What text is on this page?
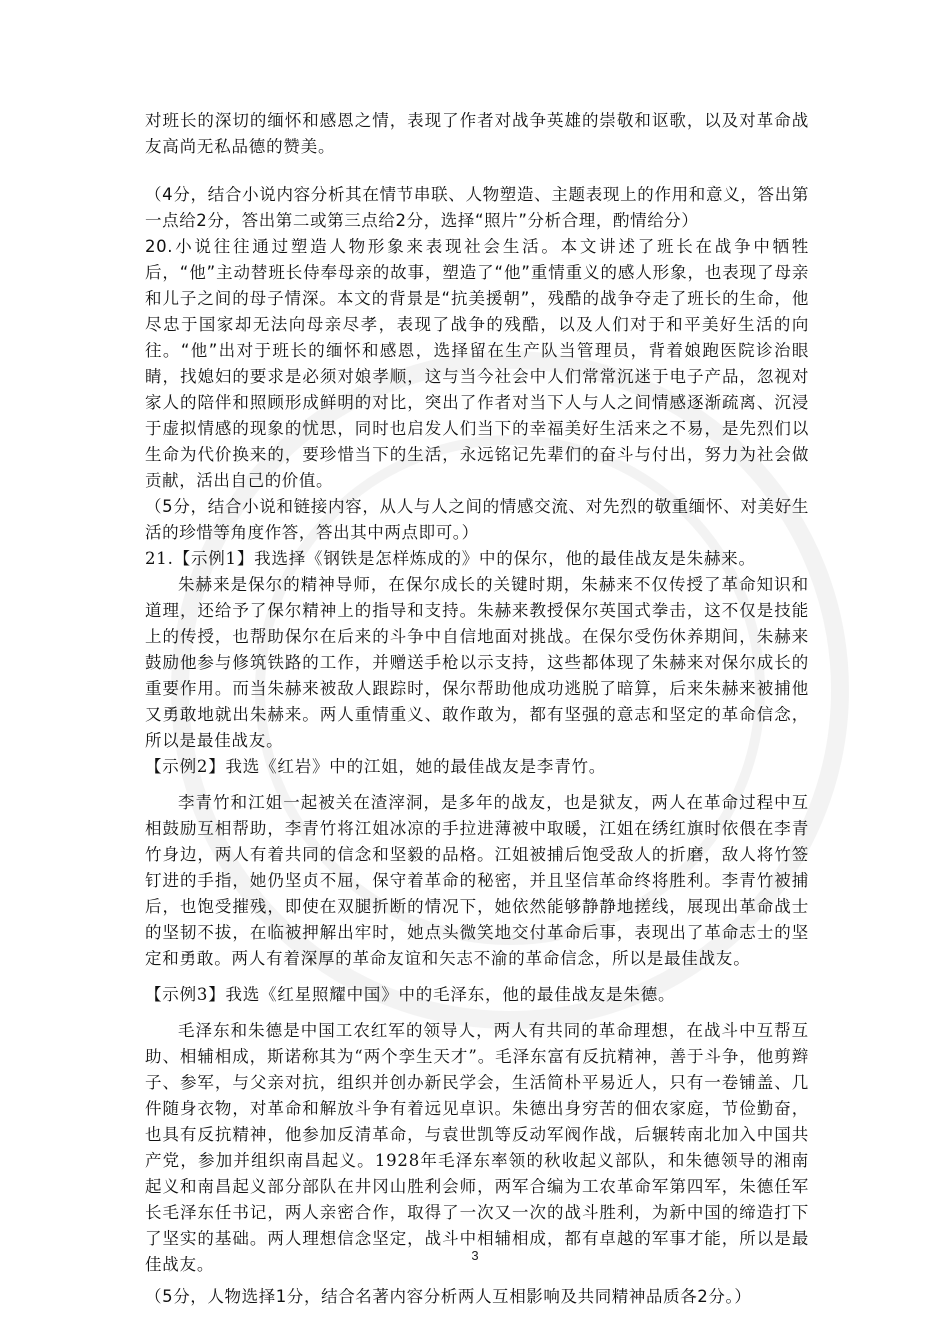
对班长的深切的缅怀和感恩之情，表现了作者对战争英雄的崇敬和讴歌，以及对革命战友高尚无私品德的赞美。

（4分，结合小说内容分析其在情节串联、人物塑造、主题表现上的作用和意义，答出第一点给2分，答出第二或第三点给2分，选择“照片”分析合理，酌情给分）

20.小说往往通过塑造人物形象来表现社会生活。本文讲述了班长在战争中牺牲后，“他”主动替班长侍奉母亲的故事，塑造了“他”重情重义的感人形象，也表现了母亲和儿子之间的母子情深。本文的背景是“抗美援朝”，残酷的战争夺走了班长的生命，他尽忠于国家却无法向母亲尽孝，表现了战争的残酷，以及人们对于和平美好生活的向往。“他”出对于班长的缅怀和感恩，选择留在生产队当管理员，背着娘跑医院诊治眼睛，找媳妇的要求是必须对娘孝顺，这与当今社会中人们常常沉迷于电子产品，忽视对家人的陪伴和照顾形成鲜明的对比，突出了作者对当下人与人之间情感逐渐疏离、沉浸于虚拟情感的现象的忧思，同时也启发人们当下的幸福美好生活来之不易，是先烈们以生命为代价换来的，要珍惜当下的生活，永远铭记先辈们的奋斗与付出，努力为社会做贡献，活出自己的价值。

（5分，结合小说和链接内容，从人与人之间的情感交流、对先烈的敬重缅怀、对美好生活的珍惜等角度作答，答出其中两点即可。）

21.【示例1】我选择《钢铁是怎样炼成的》中的保尔，他的最佳战友是朱赫来。

朱赫来是保尔的精神导师，在保尔成长的关键时期，朱赫来不仅传授了革命知识和道理，还给予了保尔精神上的指导和支持。朱赫来教授保尔英国式拳击，这不仅是技能上的传授，也帮助保尔在后来的斗争中自信地面对挑战。在保尔受伤休养期间，朱赫来鼓励他参与修筑铁路的工作，并赠送手枪以示支持，这些都体现了朱赫来对保尔成长的重要作用。而当朱赫来被敌人跟踪时，保尔帮助他成功逃脱了暗算，后来朱赫来被捕他又勇敢地就出朱赫来。两人重情重义、敢作敢为，都有坚强的意志和坚定的革命信念，所以是最佳战友。

【示例2】我选《红岩》中的江姐，她的最佳战友是李青竹。

李青竹和江姐一起被关在渣滓洞，是多年的战友，也是狱友，两人在革命过程中互相鼓励互相帮助，李青竹将江姐冰凉的手拉进薄被中取暖，江姐在绣红旗时依偎在李青竹身边，两人有着共同的信念和坚毅的品格。江姐被捕后饱受敌人的折磨，敌人将竹签钉进的手指，她仍坚贞不屈，保守着革命的秘密，并且坚信革命终将胜利。李青竹被捕后，也饱受摧残，即使在双腿折断的情况下，她依然能够静静地搓线，展现出革命战士的坚韧不拔，在临被押解出牢时，她点头微笑地交付革命后事，表现出了革命志士的坚定和勇敢。两人有着深厚的革命友谊和矢志不渝的革命信念，所以是最佳战友。

【示例3】我选《红星照耀中国》中的毛泽东，他的最佳战友是朱德。

毛泽东和朱德是中国工农红军的领导人，两人有共同的革命理想，在战斗中互帮互助、相辅相成，斯诺称其为“两个孪生天才”。毛泽东富有反抗精神，善于斗争，他剪辫子、参军，与父亲对抗，组织并创办新民学会，生活简朴平易近人，只有一卷铺盖、几件随身衣物，对革命和解放斗争有着远见卓识。朱德出身穷苦的佃农家庭，节俭勤奋，也具有反抗精神，他参加反清革命，与袁世凯等反动军阀作战，后辗转南北加入中国共产党，参加并组织南昌起义。1928年毛泽东率领的秋收起义部队，和朱德领导的湘南起义和南昌起义部分部队在井冈山胜利会师，两军合编为工农革命军第四军，朱德任军长毛泽东任书记，两人亲密合作，取得了一次又一次的战斗胜利，为新中国的缔造打下了坚实的基础。两人理想信念坚定，战斗中相辅相成，都有卓越的军事才能，所以是最佳战友。

（5分，人物选择1分，结合名著内容分析两人互相影响及共同精神品质各2分。）

3
